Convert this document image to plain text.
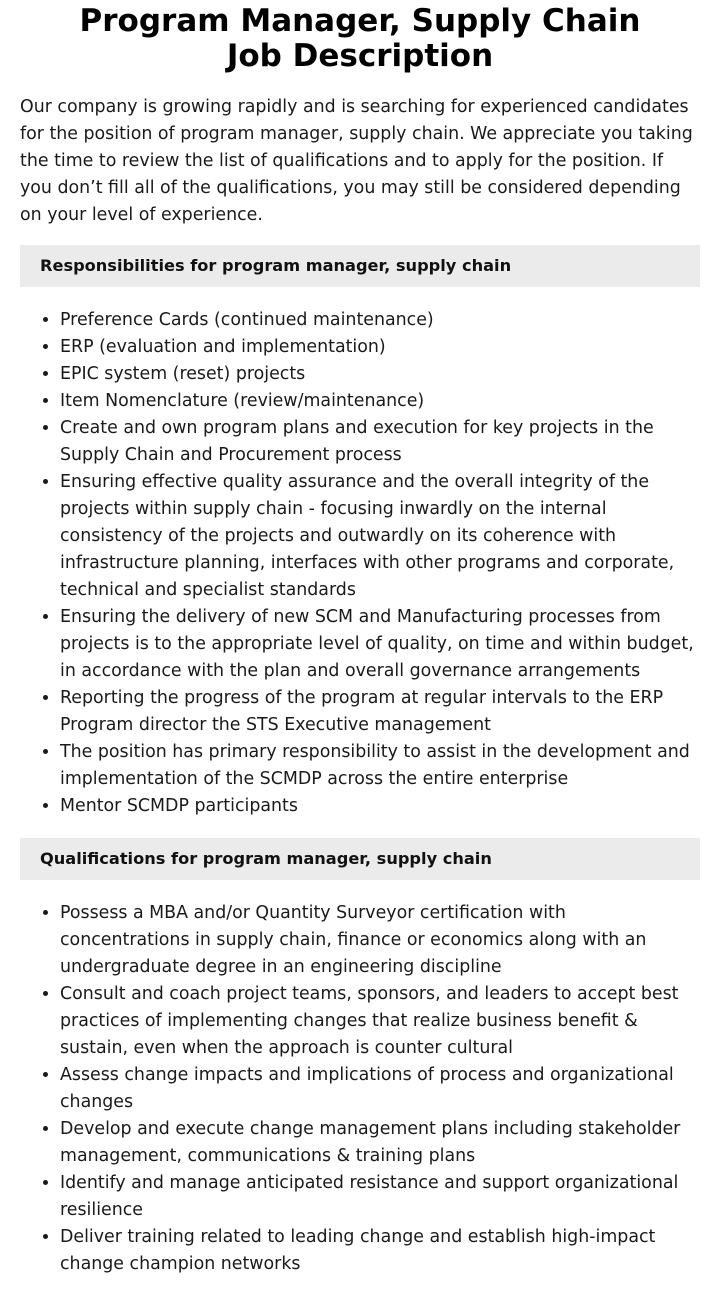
Program Manager, Supply Chain Job Description

Our company is growing rapidly and is searching for experienced candidates for the position of program manager, supply chain. We appreciate you taking the time to review the list of qualifications and to apply for the position. If you don’t fill all of the qualifications, you may still be considered depending on your level of experience.

Responsibilities for program manager, supply chain
• Preference Cards (continued maintenance)
• ERP (evaluation and implementation)
• EPIC system (reset) projects
• Item Nomenclature (review/maintenance)
• Create and own program plans and execution for key projects in the Supply Chain and Procurement process
• Ensuring effective quality assurance and the overall integrity of the projects within supply chain - focusing inwardly on the internal consistency of the projects and outwardly on its coherence with infrastructure planning, interfaces with other programs and corporate, technical and specialist standards
• Ensuring the delivery of new SCM and Manufacturing processes from projects is to the appropriate level of quality, on time and within budget, in accordance with the plan and overall governance arrangements
• Reporting the progress of the program at regular intervals to the ERP Program director the STS Executive management
• The position has primary responsibility to assist in the development and implementation of the SCMDP across the entire enterprise
• Mentor SCMDP participants
Qualifications for program manager, supply chain
• Possess a MBA and/or Quantity Surveyor certification with concentrations in supply chain, finance or economics along with an undergraduate degree in an engineering discipline
• Consult and coach project teams, sponsors, and leaders to accept best practices of implementing changes that realize business benefit & sustain, even when the approach is counter cultural
• Assess change impacts and implications of process and organizational changes
• Develop and execute change management plans including stakeholder management, communications & training plans
• Identify and manage anticipated resistance and support organizational resilience
• Deliver training related to leading change and establish high-impact change champion networks
